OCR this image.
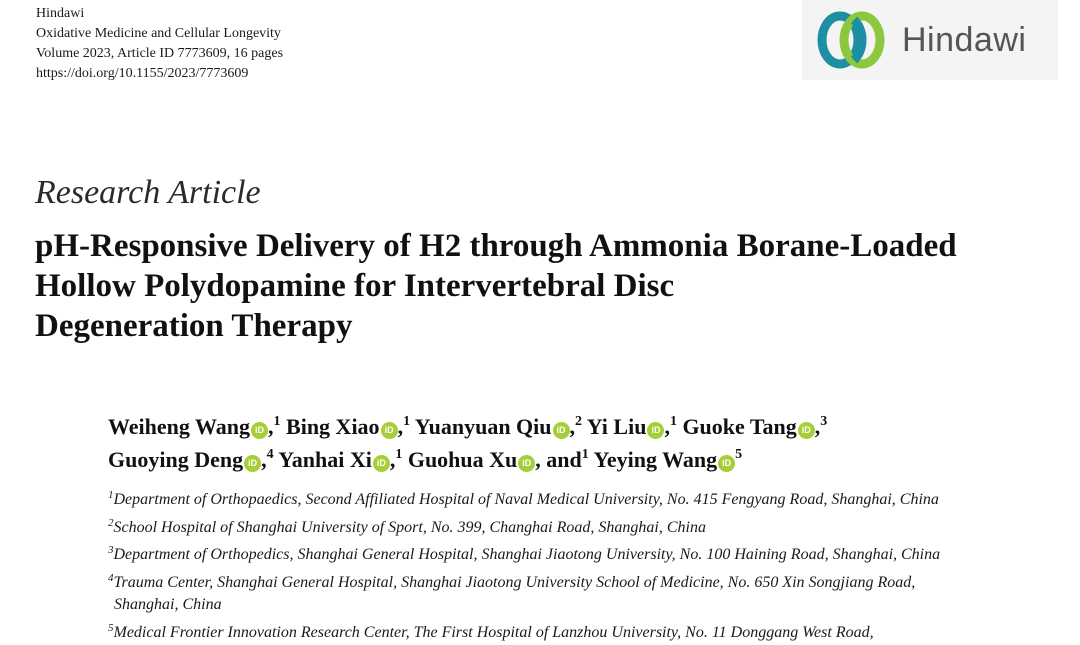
Hindawi
Oxidative Medicine and Cellular Longevity
Volume 2023, Article ID 7773609, 16 pages
https://doi.org/10.1155/2023/7773609
Hindawi
Research Article
pH-Responsive Delivery of H2 through Ammonia Borane-Loaded
Hollow Polydopamine for Intervertebral Disc
Degeneration Therapy
Weiheng Wang iD ,$^1$ Bing Xiao iD ,$^1$ Yuanyuan Qiu iD ,$^2$ Yi Liu iD ,$^1$ Guoke Tang iD ,$^3$
Guoying Deng iD ,$^4$ Yanhai Xi iD ,$^1$ Guohua Xu iD , and$^1$ Yeying Wang iD$^5$
$^1$Department of Orthopaedics, Second Affiliated Hospital of Naval Medical University, No. 415 Fengyang Road, Shanghai, China
$^2$School Hospital of Shanghai University of Sport, No. 399, Changhai Road, Shanghai, China
$^3$Department of Orthopedics, Shanghai General Hospital, Shanghai Jiaotong University, No. 100 Haining Road, Shanghai, China
$^4$Trauma Center, Shanghai General Hospital, Shanghai Jiaotong University School of Medicine, No. 650 Xin Songjiang Road,
Shanghai, China
$^5$Medical Frontier Innovation Research Center, The First Hospital of Lanzhou University, No. 11 Donggang West Road,
